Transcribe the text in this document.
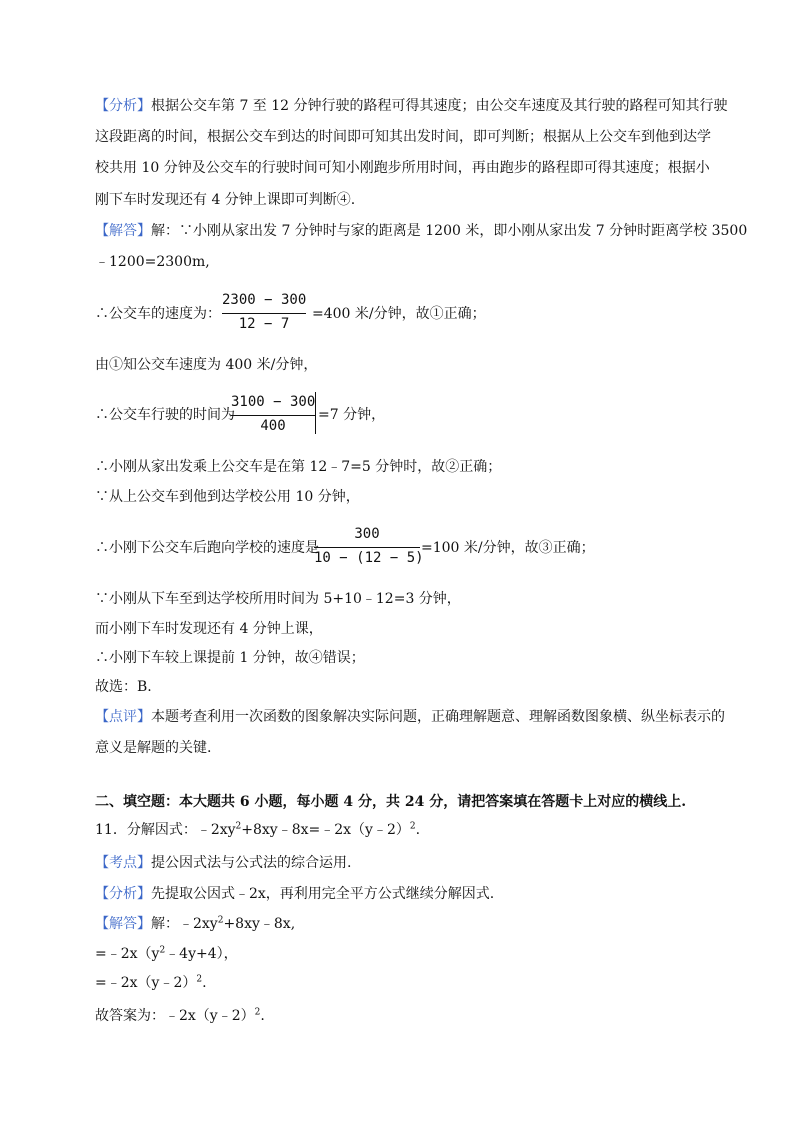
【分析】根据公交车第 7 至 12 分钟行驶的路程可得其速度；由公交车速度及其行驶的路程可知其行驶
这段距离的时间，根据公交车到达的时间即可知其出发时间，即可判断；根据从上公交车到他到达学
校共用 10 分钟及公交车的行驶时间可知小刚跑步所用时间，再由跑步的路程即可得其速度；根据小
刚下车时发现还有 4 分钟上课即可判断④.
【解答】解：∵小刚从家出发 7 分钟时与家的距离是 1200 米，即小刚从家出发 7 分钟时距离学校 3500
﹣1200=2300m,
∴公交车的速度为：
2300 − 300
12 − 7
=400 米/分钟，故①正确；
由①知公交车速度为 400 米/分钟，
∴公交车行驶的时间为
3100 − 300
400
=7 分钟，
∴小刚从家出发乘上公交车是在第 12﹣7=5 分钟时，故②正确；
∵从上公交车到他到达学校公用 10 分钟，
∴小刚下公交车后跑向学校的速度是
300
10 − (12 − 5)
=100 米/分钟，故③正确；
∵小刚从下车至到达学校所用时间为 5+10﹣12=3 分钟，
而小刚下车时发现还有 4 分钟上课，
∴小刚下车较上课提前 1 分钟，故④错误；
故选：B.
【点评】本题考查利用一次函数的图象解决实际问题，正确理解题意、理解函数图象横、纵坐标表示的
意义是解题的关键.
二、填空题：本大题共 6 小题，每小题 4 分，共 24 分，请把答案填在答题卡上对应的横线上.
11．分解因式：$﹣2xy^2+8xy﹣8x=﹣2x(y﹣2)^2$.
【考点】提公因式法与公式法的综合运用.
【分析】先提取公因式﹣2x，再利用完全平方公式继续分解因式.
【解答】解：$﹣2xy^2+8xy﹣8x$,
$=﹣2x(y^2﹣4y+4)$，
=﹣2x（y﹣2）$^2$.
故答案为：﹣2x（y﹣2）$^2$.
